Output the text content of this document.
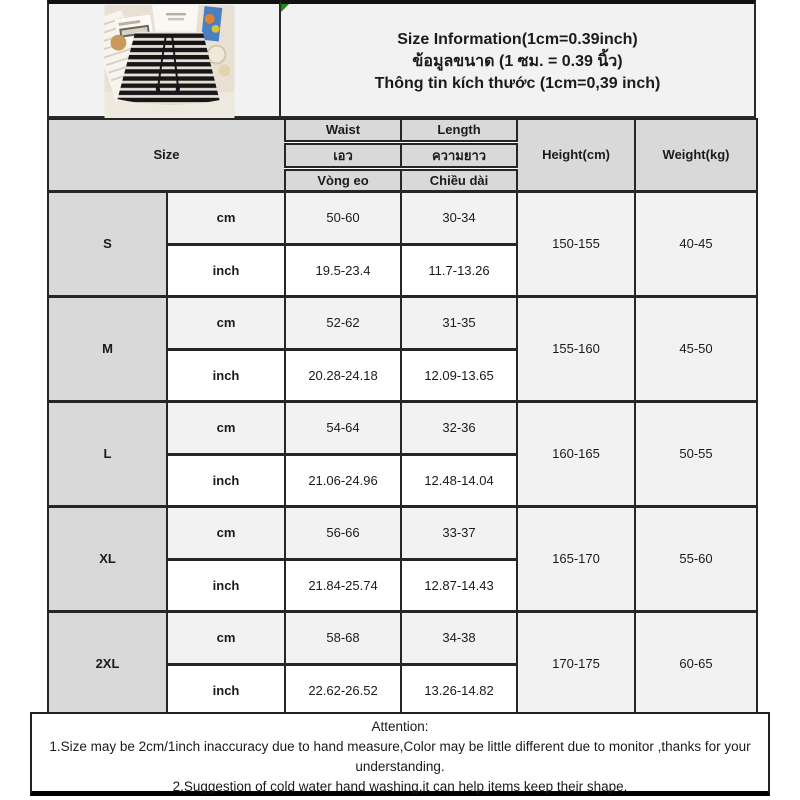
Size Information(1cm=0.39inch)
ข้อมูลขนาด (1 ซม. = 0.39 นิ้ว)
Thông tin kích thước (1cm=0,39 inch)
Size		Waist	Length	Height(cm)	Weight(kg)
		เอว	ความยาว		
		Vòng eo	Chiều dài		
S	cm	50-60	30-34	150-155	40-45
	inch	19.5-23.4	11.7-13.26		
M	cm	52-62	31-35	155-160	45-50
	inch	20.28-24.18	12.09-13.65		
L	cm	54-64	32-36	160-165	50-55
	inch	21.06-24.96	12.48-14.04		
XL	cm	56-66	33-37	165-170	55-60
	inch	21.84-25.74	12.87-14.43		
2XL	cm	58-68	34-38	170-175	60-65
	inch	22.62-26.52	13.26-14.82		
Attention:
1.Size may be 2cm/1inch inaccuracy due to hand measure,Color may be little different due to monitor ,thanks for your understanding.
2.Suggestion of cold water hand washing,it can help items keep their shape.
